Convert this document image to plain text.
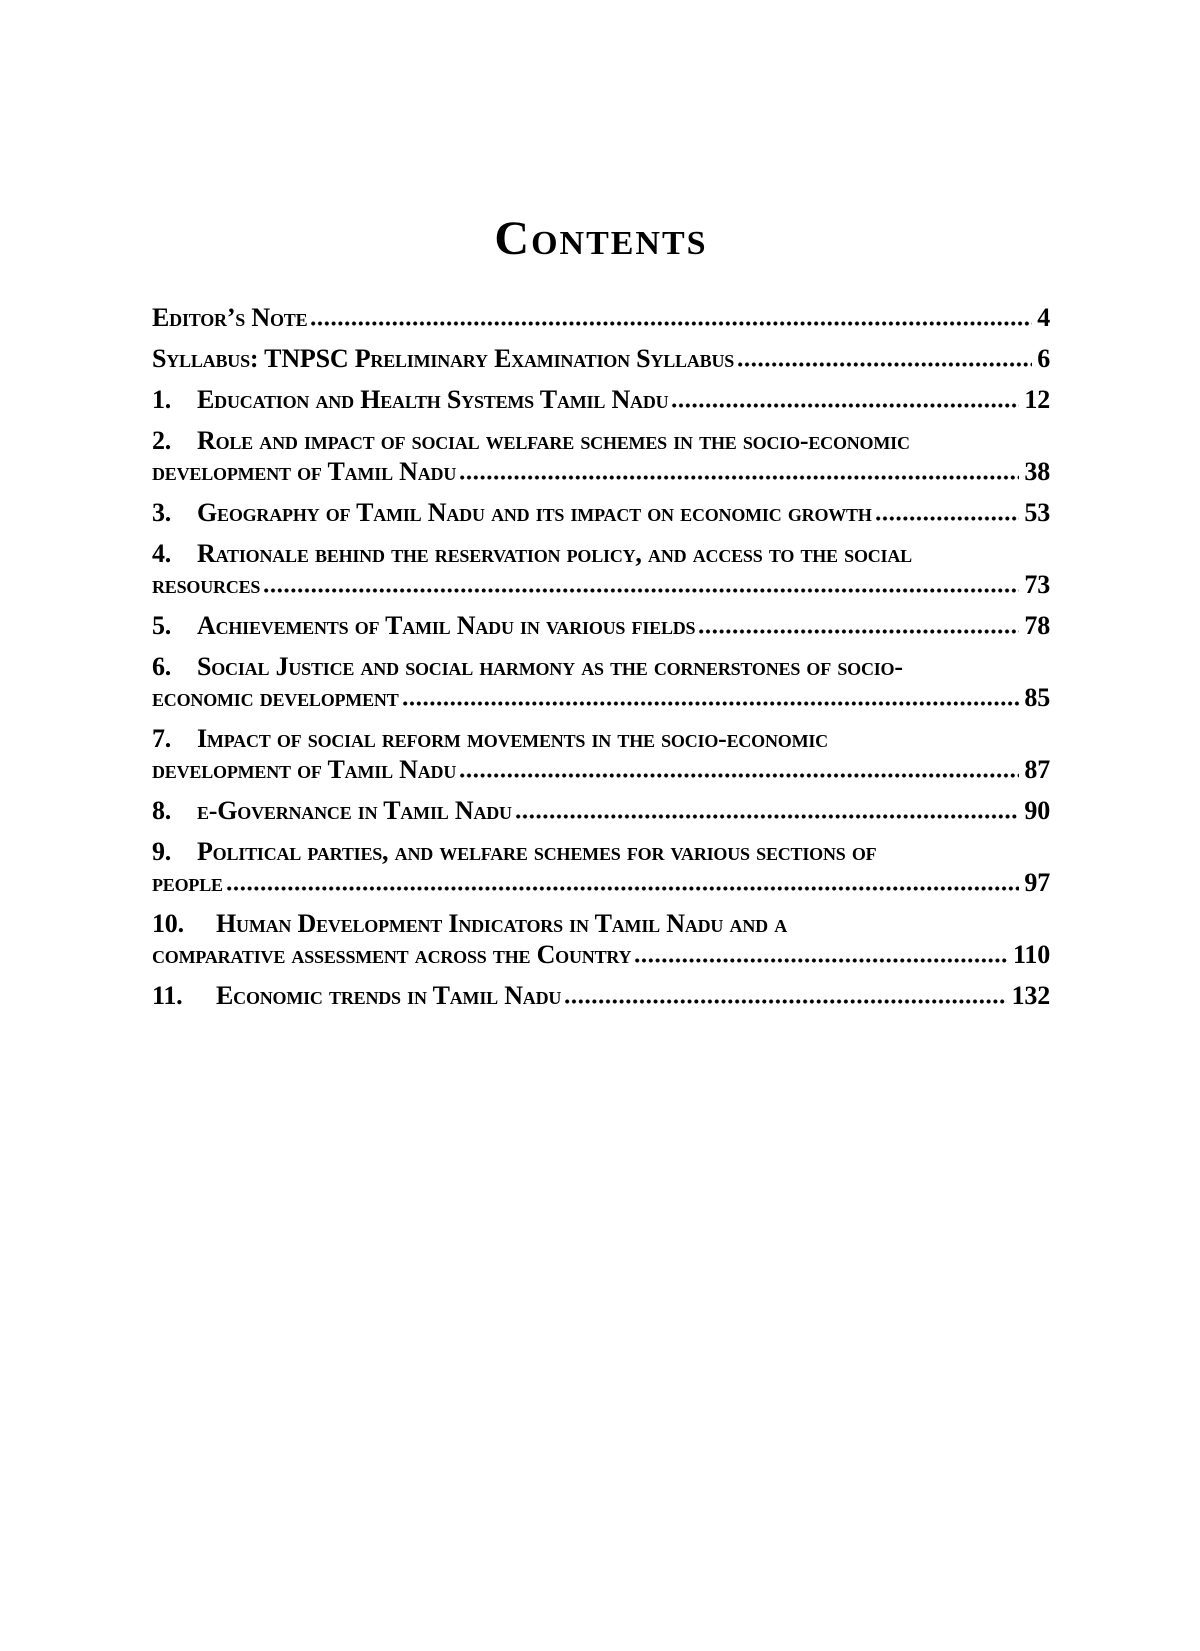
Contents
Editor’s Note	4
Syllabus: TNPSC Preliminary Examination Syllabus	6
1. Education and Health Systems Tamil Nadu	12
2. Role and impact of social welfare schemes in the socio-economic
development of Tamil Nadu	38
3. Geography of Tamil Nadu and its impact on economic growth	53
4. Rationale behind the reservation policy, and access to the social
resources	73
5. Achievements of Tamil Nadu in various fields	78
6. Social Justice and social harmony as the cornerstones of socio-
economic development	85
7. Impact of social reform movements in the socio-economic
development of Tamil Nadu	87
8. e-Governance in Tamil Nadu	90
9. Political parties, and welfare schemes for various sections of
people	97
10.	Human Development Indicators in Tamil Nadu and a
comparative assessment across the Country	110
11.	Economic trends in Tamil Nadu	132
